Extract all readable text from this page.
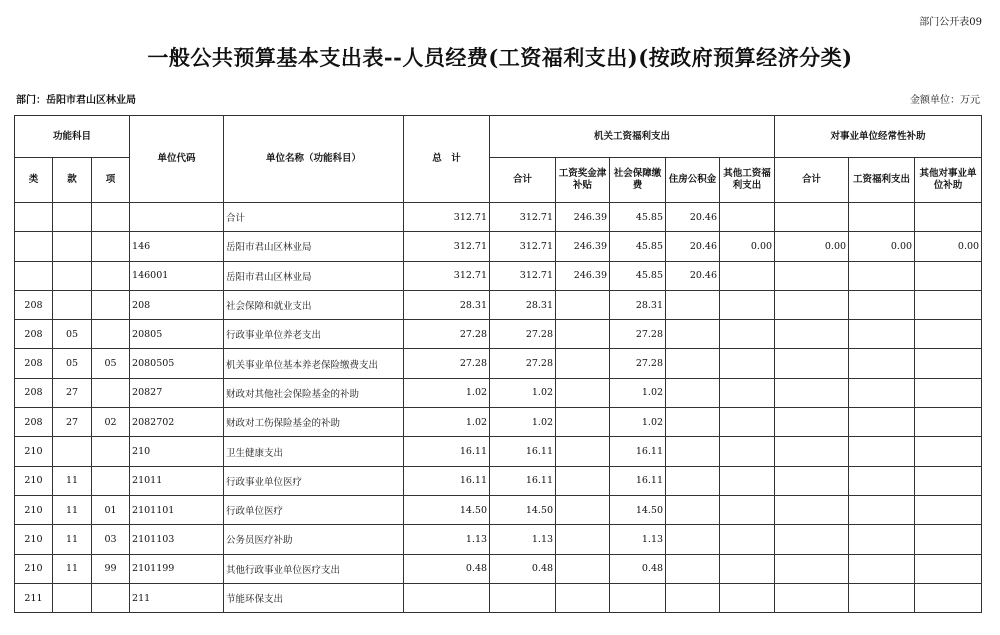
部门公开表09
一般公共预算基本支出表--人员经费(工资福利支出)(按政府预算经济分类)
部门：岳阳市君山区林业局	金额单位：万元
功能科目			单位代码	单位名称（功能科目）	总　计	机关工资福利支出					对事业单位经常性补助		
类	款	项				合计	工资奖金津补贴	社会保障缴费	住房公积金	其他工资福利支出	合计	工资福利支出	其他对事业单位补助
				合计	312.71	312.71	246.39	45.85	20.46				
			146	岳阳市君山区林业局	312.71	312.71	246.39	45.85	20.46	0.00	0.00	0.00	0.00
			146001	岳阳市君山区林业局	312.71	312.71	246.39	45.85	20.46				
208			208	社会保障和就业支出	28.31	28.31		28.31					
208	05		20805	行政事业单位养老支出	27.28	27.28		27.28					
208	05	05	2080505	机关事业单位基本养老保险缴费支出	27.28	27.28		27.28					
208	27		20827	财政对其他社会保险基金的补助	1.02	1.02		1.02					
208	27	02	2082702	财政对工伤保险基金的补助	1.02	1.02		1.02					
210			210	卫生健康支出	16.11	16.11		16.11					
210	11		21011	行政事业单位医疗	16.11	16.11		16.11					
210	11	01	2101101	行政单位医疗	14.50	14.50		14.50					
210	11	03	2101103	公务员医疗补助	1.13	1.13		1.13					
210	11	99	2101199	其他行政事业单位医疗支出	0.48	0.48		0.48					
211			211	节能环保支出									
